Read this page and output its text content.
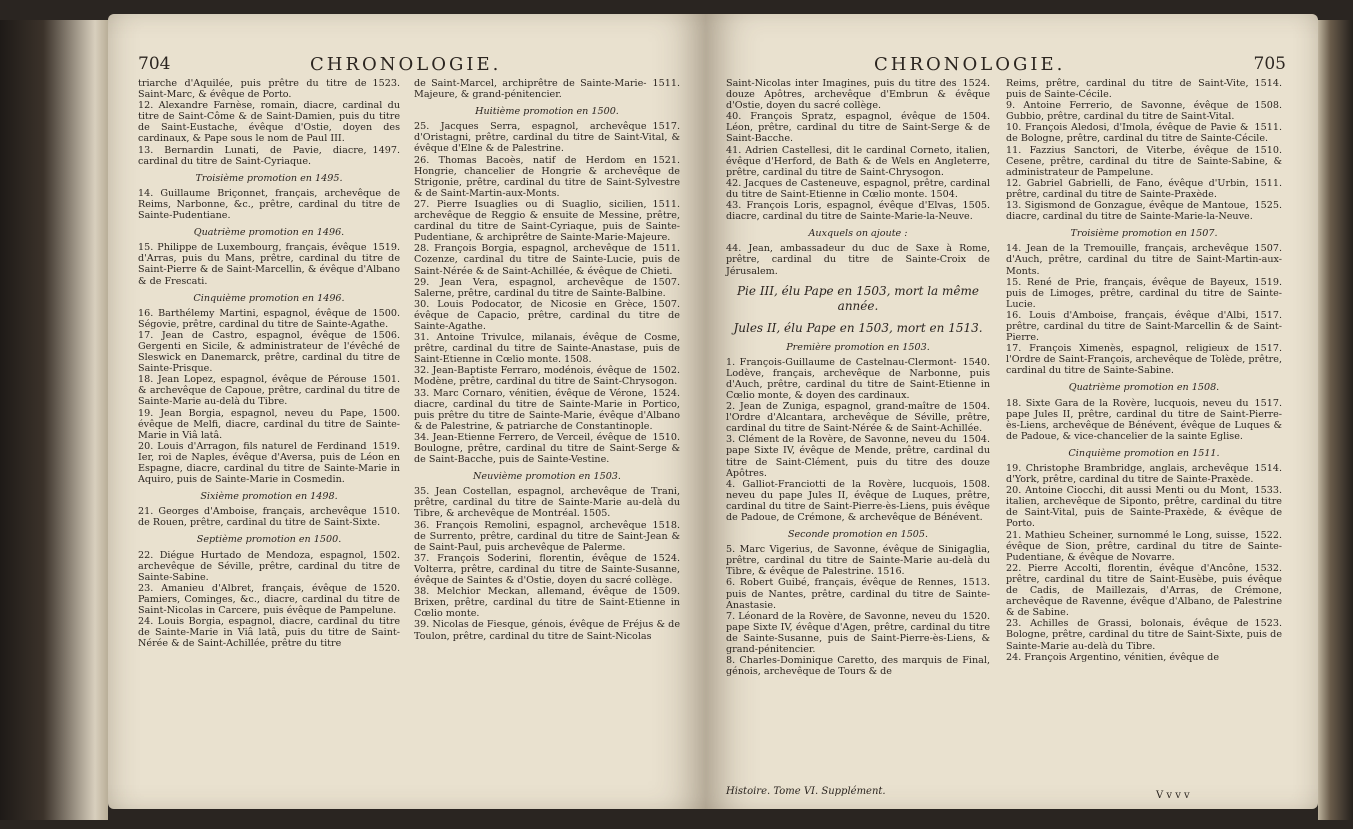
704	CHRONOLOGIE.

1523.
triarche d'Aquilée, puis prêtre du titre de Saint-Marc, & évêque de Porto.

12. Alexandre Farnèse, romain, diacre, cardinal du titre de Saint-Côme & de Saint-Damien, puis du titre de Saint-Eustache, évêque d'Ostie, doyen des cardinaux, & Pape sous le nom de Paul III.

1497.
13. Bernardin Lunati, de Pavie, diacre, cardinal du titre de Saint-Cyriaque.

Troisième promotion en 1495.

14. Guillaume Briçonnet, français, archevêque de Reims, Narbonne, &c., prêtre, cardinal du titre de Sainte-Pudentiane.

Quatrième promotion en 1496.

1519.
15. Philippe de Luxembourg, français, évêque d'Arras, puis du Mans, prêtre, cardinal du titre de Saint-Pierre & de Saint-Marcellin, & évêque d'Albano & de Frescati.

Cinquième promotion en 1496.

1500.
16. Barthélemy Martini, espagnol, évêque de Ségovie, prêtre, cardinal du titre de Sainte-Agathe.

1506.
17. Jean de Castro, espagnol, évêque de Gergenti en Sicile, & administrateur de l'évêché de Sleswick en Danemarck, prêtre, cardinal du titre de Sainte-Prisque.

1501.
18. Jean Lopez, espagnol, évêque de Pérouse & archevêque de Capoue, prêtre, cardinal du titre de Sainte-Marie au-delà du Tibre.

1500.
19. Jean Borgia, espagnol, neveu du Pape, évêque de Melfi, diacre, cardinal du titre de Sainte-Marie in Viâ latâ.

1519.
20. Louis d'Arragon, fils naturel de Ferdinand Ier, roi de Naples, évêque d'Aversa, puis de Léon en Espagne, diacre, cardinal du titre de Sainte-Marie in Aquiro, puis de Sainte-Marie in Cosmedin.

Sixième promotion en 1498.

1510.
21. Georges d'Amboise, français, archevêque de Rouen, prêtre, cardinal du titre de Saint-Sixte.

Septième promotion en 1500.

1502.
22. Diégue Hurtado de Mendoza, espagnol, archevêque de Séville, prêtre, cardinal du titre de Sainte-Sabine.

1520.
23. Amanieu d'Albret, français, évêque de Pamiers, Cominges, &c., diacre, cardinal du titre de Saint-Nicolas in Carcere, puis évêque de Pampelune.

24. Louis Borgia, espagnol, diacre, cardinal du titre de Sainte-Marie in Viâ latâ, puis du titre de Saint-Nérée & de Saint-Achillée, prêtre du titre

1511.
de Saint-Marcel, archiprêtre de Sainte-Marie-Majeure, & grand-pénitencier.

Huitième promotion en 1500.

1517.
25. Jacques Serra, espagnol, archevêque d'Oristagni, prêtre, cardinal du titre de Saint-Vital, & évêque d'Elne & de Palestrine.

1521.
26. Thomas Bacoès, natif de Herdom en Hongrie, chancelier de Hongrie & archevêque de Strigonie, prêtre, cardinal du titre de Saint-Sylvestre & de Saint-Martin-aux-Monts.

1511.
27. Pierre Isuaglies ou di Suaglio, sicilien, archevêque de Reggio & ensuite de Messine, prêtre, cardinal du titre de Saint-Cyriaque, puis de Sainte-Pudentiane, & archiprêtre de Sainte-Marie-Majeure.

1511.
28. François Borgia, espagnol, archevêque de Cozenze, cardinal du titre de Sainte-Lucie, puis de Saint-Nérée & de Saint-Achillée, & évêque de Chieti.

1507.
29. Jean Vera, espagnol, archevêque de Salerne, prêtre, cardinal du titre de Sainte-Balbine.

1507.
30. Louis Podocator, de Nicosie en Grèce, évêque de Capacio, prêtre, cardinal du titre de Sainte-Agathe.

31. Antoine Trivulce, milanais, évêque de Cosme, prêtre, cardinal du titre de Sainte-Anastase, puis de Saint-Etienne in Cœlio monte. 1508.

1502.
32. Jean-Baptiste Ferraro, modénois, évêque de Modène, prêtre, cardinal du titre de Saint-Chrysogon.

1524.
33. Marc Cornaro, vénitien, évêque de Vérone, diacre, cardinal du titre de Sainte-Marie in Portico, puis prêtre du titre de Sainte-Marie, évêque d'Albano & de Palestrine, & patriarche de Constantinople.

1510.
34. Jean-Etienne Ferrero, de Verceil, évêque de Boulogne, prêtre, cardinal du titre de Saint-Serge & de Saint-Bacche, puis de Sainte-Vestine.

Neuvième promotion en 1503.

35. Jean Costellan, espagnol, archevêque de Trani, prêtre, cardinal du titre de Sainte-Marie au-delà du Tibre, & archevêque de Montréal. 1505.

1518.
36. François Remolini, espagnol, archevêque de Surrento, prêtre, cardinal du titre de Saint-Jean & de Saint-Paul, puis archevêque de Palerme.

1524.
37. François Soderini, florentin, évêque de Volterra, prêtre, cardinal du titre de Sainte-Susanne, évêque de Saintes & d'Ostie, doyen du sacré collège.

1509.
38. Melchior Meckan, allemand, évêque de Brixen, prêtre, cardinal du titre de Saint-Etienne in Cœlio monte.

39. Nicolas de Fiesque, génois, évêque de Fréjus & de Toulon, prêtre, cardinal du titre de Saint-Nicolas

CHRONOLOGIE.	705

1524.
Saint-Nicolas inter Imagines, puis du titre des douze Apôtres, archevêque d'Embrun & évêque d'Ostie, doyen du sacré collège.

1504.
40. François Spratz, espagnol, évêque de Léon, prêtre, cardinal du titre de Saint-Serge & de Saint-Bacche.

41. Adrien Castellesi, dit le cardinal Corneto, italien, évêque d'Herford, de Bath & de Wels en Angleterre, prêtre, cardinal du titre de Saint-Chrysogon.

42. Jacques de Casteneuve, espagnol, prêtre, cardinal du titre de Saint-Etienne in Cœlio monte. 1504.

1505.
43. François Loris, espagnol, évêque d'Elvas, diacre, cardinal du titre de Sainte-Marie-la-Neuve.

Auxquels on ajoute :

44. Jean, ambassadeur du duc de Saxe à Rome, prêtre, cardinal du titre de Sainte-Croix de Jérusalem.

Pie III, élu Pape en 1503, mort la même année.

Jules II, élu Pape en 1503, mort en 1513.

Première promotion en 1503.

1540.
1. François-Guillaume de Castelnau-Clermont-Lodève, français, archevêque de Narbonne, puis d'Auch, prêtre, cardinal du titre de Saint-Etienne in Cœlio monte, & doyen des cardinaux.

1504.
2. Jean de Zuniga, espagnol, grand-maître de l'Ordre d'Alcantara, archevêque de Séville, prêtre, cardinal du titre de Saint-Nérée & de Saint-Achillée.

1504.
3. Clément de la Rovère, de Savonne, neveu du pape Sixte IV, évêque de Mende, prêtre, cardinal du titre de Saint-Clément, puis du titre des douze Apôtres.

1508.
4. Galliot-Franciotti de la Rovère, lucquois, neveu du pape Jules II, évêque de Luques, prêtre, cardinal du titre de Saint-Pierre-ès-Liens, puis évêque de Padoue, de Crémone, & archevêque de Bénévent.

Seconde promotion en 1505.

5. Marc Vigerius, de Savonne, évêque de Sinigaglia, prêtre, cardinal du titre de Sainte-Marie au-delà du Tibre, & évêque de Palestrine. 1516.

1513.
6. Robert Guibé, français, évêque de Rennes, puis de Nantes, prêtre, cardinal du titre de Sainte-Anastasie.

1520.
7. Léonard de la Rovère, de Savonne, neveu du pape Sixte IV, évêque d'Agen, prêtre, cardinal du titre de Sainte-Susanne, puis de Saint-Pierre-ès-Liens, & grand-pénitencier.

8. Charles-Dominique Caretto, des marquis de Final, génois, archevêque de Tours & de

1514.
Reims, prêtre, cardinal du titre de Saint-Vite, puis de Sainte-Cécile.

1508.
9. Antoine Ferrerio, de Savonne, évêque de Gubbio, prêtre, cardinal du titre de Saint-Vital.

1511.
10. François Aledosi, d'Imola, évêque de Pavie & de Bologne, prêtre, cardinal du titre de Sainte-Cécile.

1510.
11. Fazzius Sanctori, de Viterbe, évêque de Cesene, prêtre, cardinal du titre de Sainte-Sabine, & administrateur de Pampelune.

1511.
12. Gabriel Gabrielli, de Fano, évêque d'Urbin, prêtre, cardinal du titre de Sainte-Praxède.

1525.
13. Sigismond de Gonzague, évêque de Mantoue, diacre, cardinal du titre de Sainte-Marie-la-Neuve.

Troisième promotion en 1507.

1507.
14. Jean de la Tremouille, français, archevêque d'Auch, prêtre, cardinal du titre de Saint-Martin-aux-Monts.

1519.
15. René de Prie, français, évêque de Bayeux, puis de Limoges, prêtre, cardinal du titre de Sainte-Lucie.

1517.
16. Louis d'Amboise, français, évêque d'Albi, prêtre, cardinal du titre de Saint-Marcellin & de Saint-Pierre.

1517.
17. François Ximenès, espagnol, religieux de l'Ordre de Saint-François, archevêque de Tolède, prêtre, cardinal du titre de Sainte-Sabine.

Quatrième promotion en 1508.

1517.
18. Sixte Gara de la Rovère, lucquois, neveu du pape Jules II, prêtre, cardinal du titre de Saint-Pierre-ès-Liens, archevêque de Bénévent, évêque de Luques & de Padoue, & vice-chancelier de la sainte Eglise.

Cinquième promotion en 1511.

1514.
19. Christophe Brambridge, anglais, archevêque d'York, prêtre, cardinal du titre de Sainte-Praxède.

1533.
20. Antoine Ciocchi, dit aussi Menti ou du Mont, italien, archevêque de Siponto, prêtre, cardinal du titre de Saint-Vital, puis de Sainte-Praxède, & évêque de Porto.

1522.
21. Mathieu Scheiner, surnommé le Long, suisse, évêque de Sion, prêtre, cardinal du titre de Sainte-Pudentiane, & évêque de Novarre.

1532.
22. Pierre Accolti, florentin, évêque d'Ancône, prêtre, cardinal du titre de Saint-Eusèbe, puis évêque de Cadis, de Maillezais, d'Arras, de Crémone, archevêque de Ravenne, évêque d'Albano, de Palestrine & de Sabine.

1523.
23. Achilles de Grassi, bolonais, évêque de Bologne, prêtre, cardinal du titre de Saint-Sixte, puis de Sainte-Marie au-delà du Tibre.

24. François Argentino, vénitien, évêque de

Histoire. Tome VI. Supplément.	V v v v
